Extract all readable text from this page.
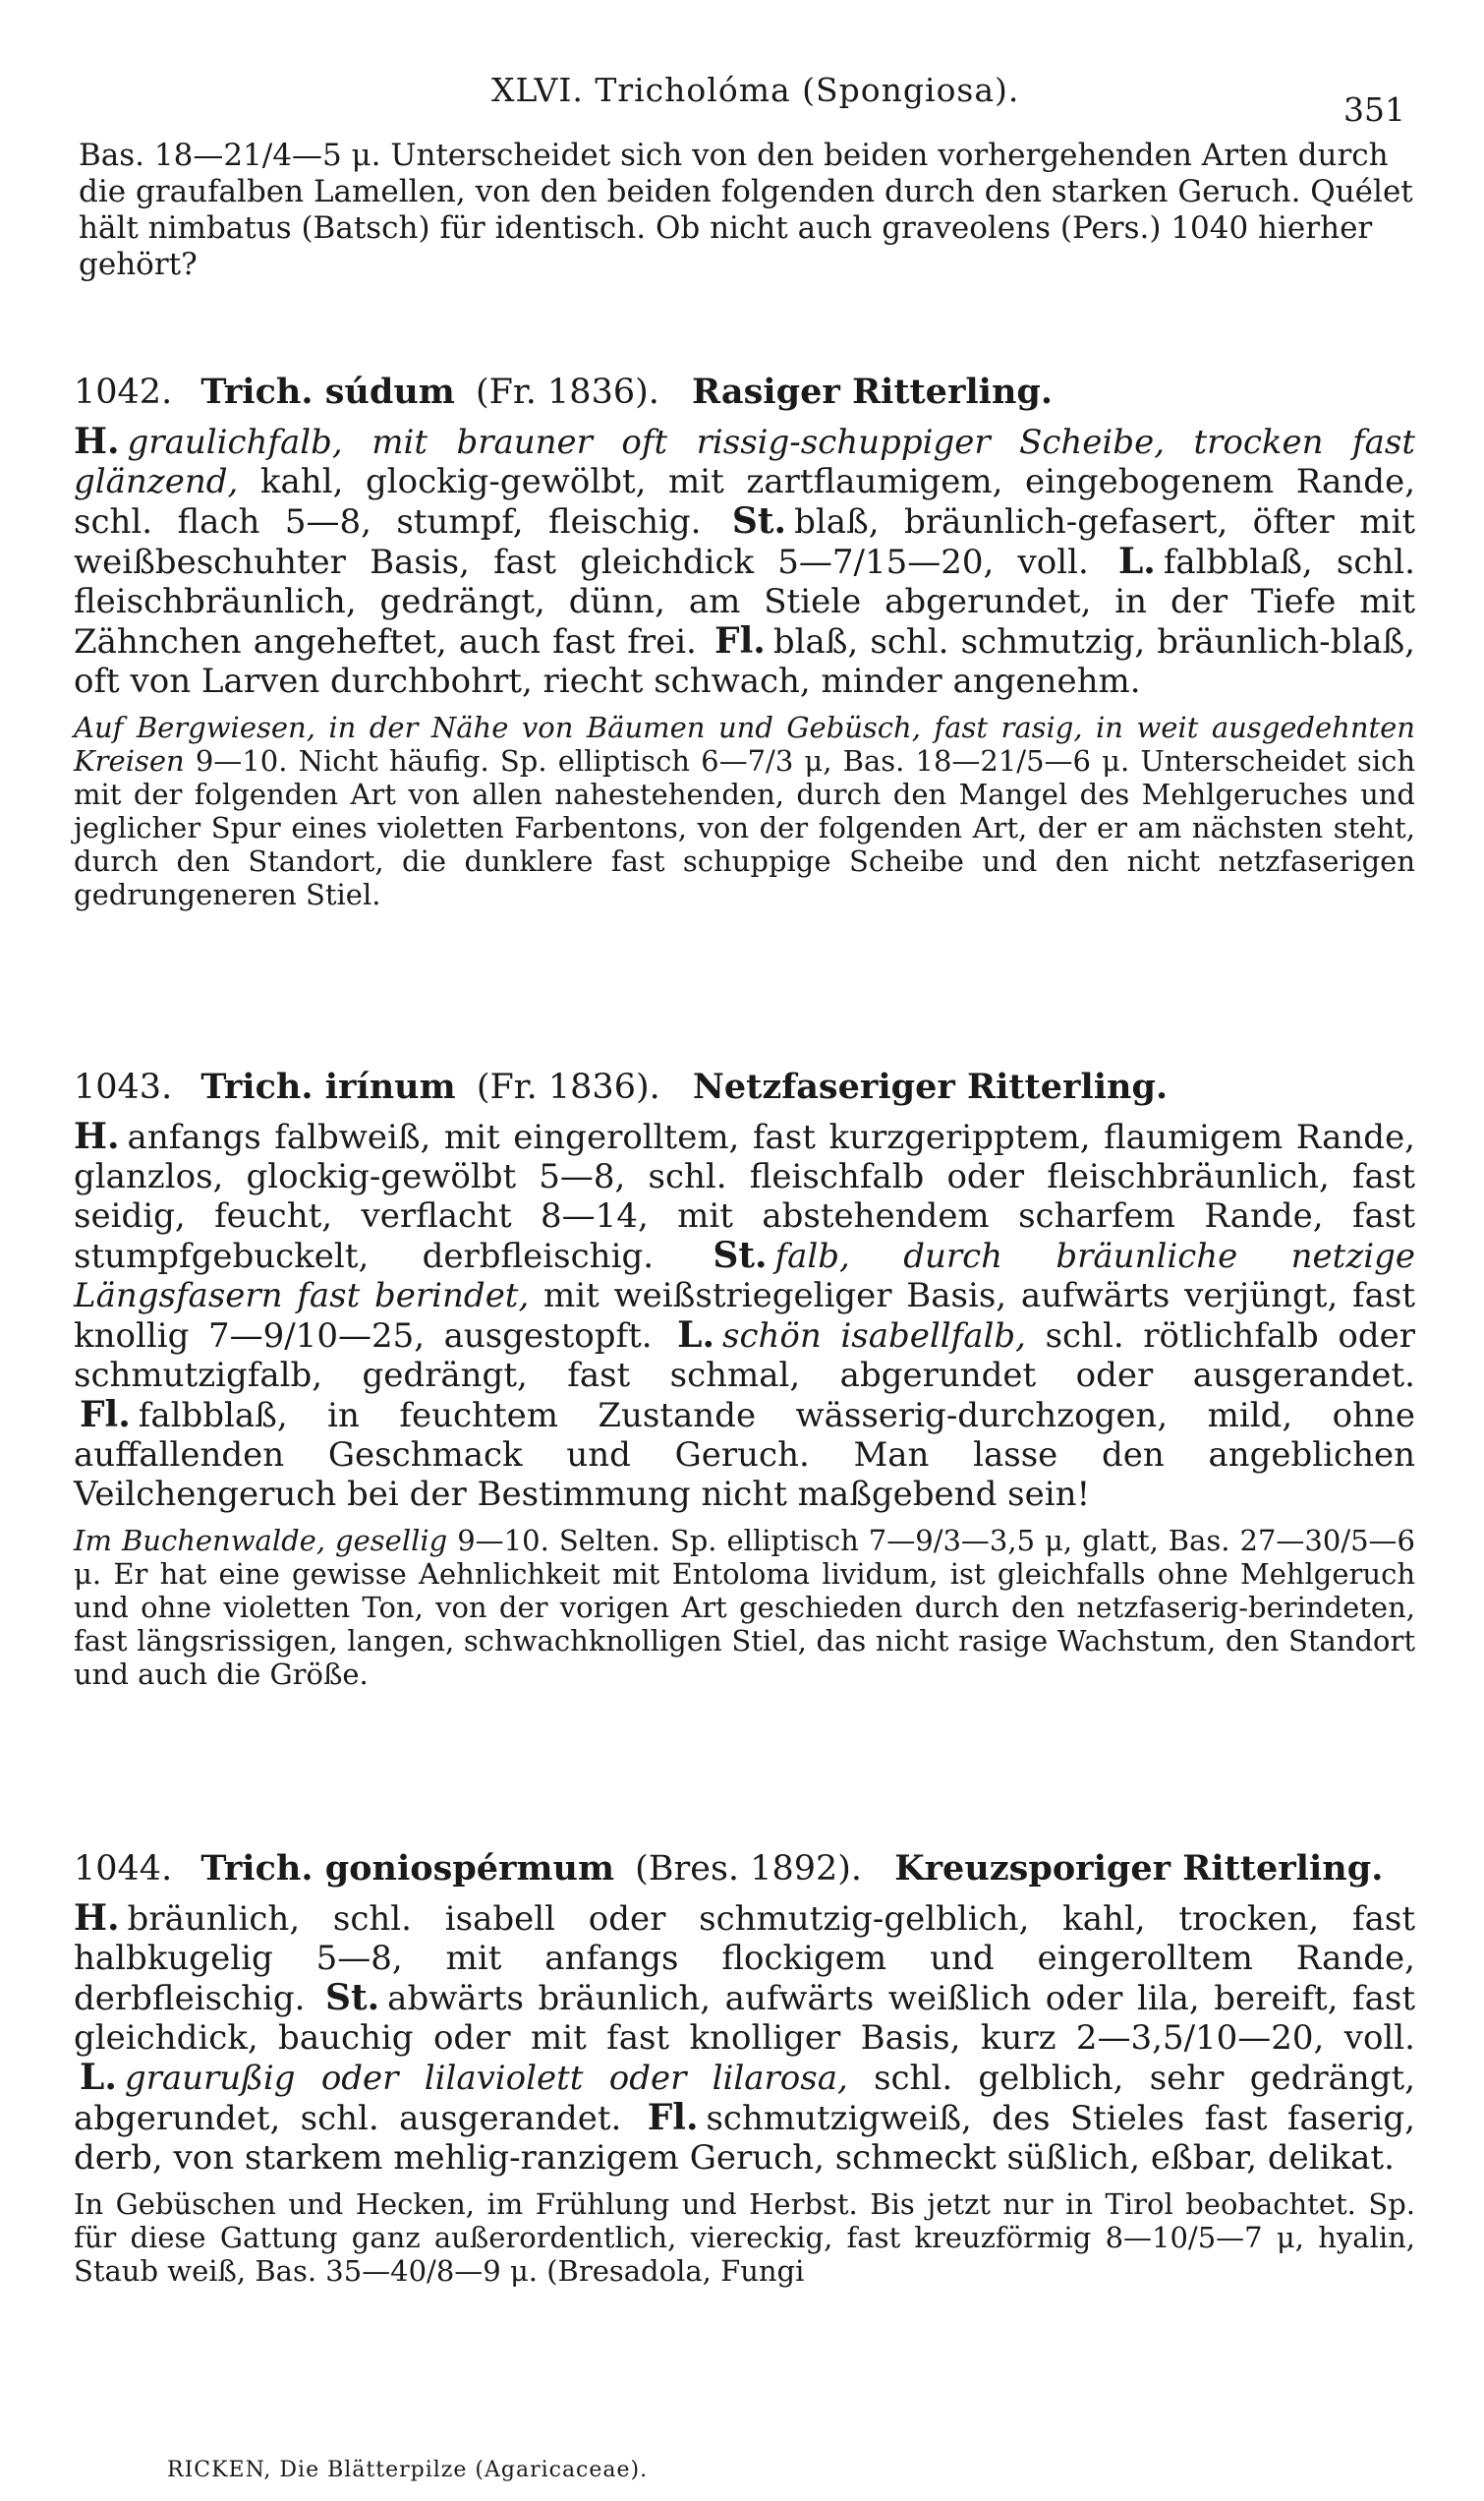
XLVI. Tricholóma (Spongiosa).
351

Bas. 18—21/4—5 μ. Unterscheidet sich von den beiden vorhergehenden Arten durch die graufalben Lamellen, von den beiden folgenden durch den starken Geruch. Quélet hält nimbatus (Batsch) für identisch. Ob nicht auch graveolens (Pers.) 1040 hierher gehört?

1042. Trich. súdum (Fr. 1836). Rasiger Ritterling.

H. graulichfalb, mit brauner oft rissig-schuppiger Scheibe, trocken fast glänzend, kahl, glockig-gewölbt, mit zartflaumigem, eingebogenem Rande, schl. flach 5—8, stumpf, fleischig. St. blaß, bräunlich-gefasert, öfter mit weißbeschuhter Basis, fast gleichdick 5—7/15—20, voll. L. falbblaß, schl. fleischbräunlich, gedrängt, dünn, am Stiele abgerundet, in der Tiefe mit Zähnchen angeheftet, auch fast frei. Fl. blaß, schl. schmutzig, bräunlich-blaß, oft von Larven durchbohrt, riecht schwach, minder angenehm.

Auf Bergwiesen, in der Nähe von Bäumen und Gebüsch, fast rasig, in weit ausgedehnten Kreisen 9—10. Nicht häufig. Sp. elliptisch 6—7/3 μ, Bas. 18—21/5—6 μ. Unterscheidet sich mit der folgenden Art von allen nahestehenden, durch den Mangel des Mehlgeruches und jeglicher Spur eines violetten Farbentons, von der folgenden Art, der er am nächsten steht, durch den Standort, die dunklere fast schuppige Scheibe und den nicht netzfaserigen gedrungeneren Stiel.

1043. Trich. irínum (Fr. 1836). Netzfaseriger Ritterling.

H. anfangs falbweiß, mit eingerolltem, fast kurzgeripptem, flaumigem Rande, glanzlos, glockig-gewölbt 5—8, schl. fleischfalb oder fleischbräunlich, fast seidig, feucht, verflacht 8—14, mit abstehendem scharfem Rande, fast stumpfgebuckelt, derbfleischig. St. falb, durch bräunliche netzige Längsfasern fast berindet, mit weißstriegeliger Basis, aufwärts verjüngt, fast knollig 7—9/10—25, ausgestopft. L. schön isabellfalb, schl. rötlichfalb oder schmutzigfalb, gedrängt, fast schmal, abgerundet oder ausgerandet. Fl. falbblaß, in feuchtem Zustande wässerig-durchzogen, mild, ohne auffallenden Geschmack und Geruch. Man lasse den angeblichen Veilchengeruch bei der Bestimmung nicht maßgebend sein!

Im Buchenwalde, gesellig 9—10. Selten. Sp. elliptisch 7—9/3—3,5 μ, glatt, Bas. 27—30/5—6 μ. Er hat eine gewisse Aehnlichkeit mit Entoloma lividum, ist gleichfalls ohne Mehlgeruch und ohne violetten Ton, von der vorigen Art geschieden durch den netzfaserig-berindeten, fast längsrissigen, langen, schwachknolligen Stiel, das nicht rasige Wachstum, den Standort und auch die Größe.

1044. Trich. goniospérmum (Bres. 1892). Kreuzsporiger Ritterling.

H. bräunlich, schl. isabell oder schmutzig-gelblich, kahl, trocken, fast halbkugelig 5—8, mit anfangs flockigem und eingerolltem Rande, derbfleischig. St. abwärts bräunlich, aufwärts weißlich oder lila, bereift, fast gleichdick, bauchig oder mit fast knolliger Basis, kurz 2—3,5/10—20, voll. L. graurußig oder lilaviolett oder lilarosa, schl. gelblich, sehr gedrängt, abgerundet, schl. ausgerandet. Fl. schmutzigweiß, des Stieles fast faserig, derb, von starkem mehlig-ranzigem Geruch, schmeckt süßlich, eßbar, delikat.

In Gebüschen und Hecken, im Frühlung und Herbst. Bis jetzt nur in Tirol beobachtet. Sp. für diese Gattung ganz außerordentlich, viereckig, fast kreuzförmig 8—10/5—7 μ, hyalin, Staub weiß, Bas. 35—40/8—9 μ. (Bresadola, Fungi

RICKEN, Die Blätterpilze (Agaricaceae).
